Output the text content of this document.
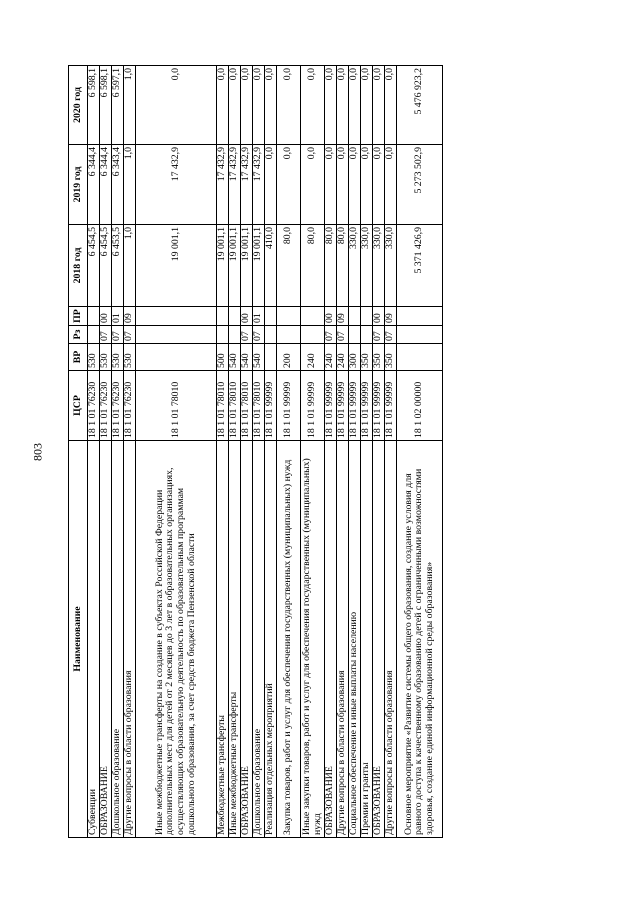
803
Наименование	ЦСР	ВР	Рз	ПР	2018 год	2019 год	2020 год
Субвенции	18 1 01 76230	530			6 454,5	6 344,4	6 598,1
ОБРАЗОВАНИЕ	18 1 01 76230	530	07	00	6 454,5	6 344,4	6 598,1
Дошкольное образование	18 1 01 76230	530	07	01	6 453,5	6 343,4	6 597,1
Другие вопросы в области образования	18 1 01 76230	530	07	09	1,0	1,0	1,0
Иные межбюджетные трансферты на создание в субъектах Российской Федерации дополнительных мест для детей от 2 месяцев до 3 лет в образовательных организациях, осуществляющих образовательную деятельность по образовательным программам дошкольного образования, за счет средств бюджета Пензенской области	18 1 01 78010				19 001,1	17 432,9	0,0
Межбюджетные трансферты	18 1 01 78010	500			19 001,1	17 432,9	0,0
Иные межбюджетные трансферты	18 1 01 78010	540			19 001,1	17 432,9	0,0
ОБРАЗОВАНИЕ	18 1 01 78010	540	07	00	19 001,1	17 432,9	0,0
Дошкольное образование	18 1 01 78010	540	07	01	19 001,1	17 432,9	0,0
Реализация отдельных мероприятий	18 1 01 99999				410,0	0,0	0,0
Закупка товаров, работ и услуг для обеспечения государственных (муниципальных) нужд	18 1 01 99999	200			80,0	0,0	0,0
Иные закупки товаров, работ и услуг для обеспечения государственных (муниципальных) нужд	18 1 01 99999	240			80,0	0,0	0,0
ОБРАЗОВАНИЕ	18 1 01 99999	240	07	00	80,0	0,0	0,0
Другие вопросы в области образования	18 1 01 99999	240	07	09	80,0	0,0	0,0
Социальное обеспечение и иные выплаты населению	18 1 01 99999	300			330,0	0,0	0,0
Премии и гранты	18 1 01 99999	350			330,0	0,0	0,0
ОБРАЗОВАНИЕ	18 1 01 99999	350	07	00	330,0	0,0	0,0
Другие вопросы в области образования	18 1 01 99999	350	07	09	330,0	0,0	0,0
Основное мероприятие «Развитие системы общего образования, создание условия для равного доступа к качественному образованию детей с ограниченными возможностями здоровья, создание единой информационной среды образования»	18 1 02 00000				5 371 426,9	5 273 502,9	5 476 923,2
